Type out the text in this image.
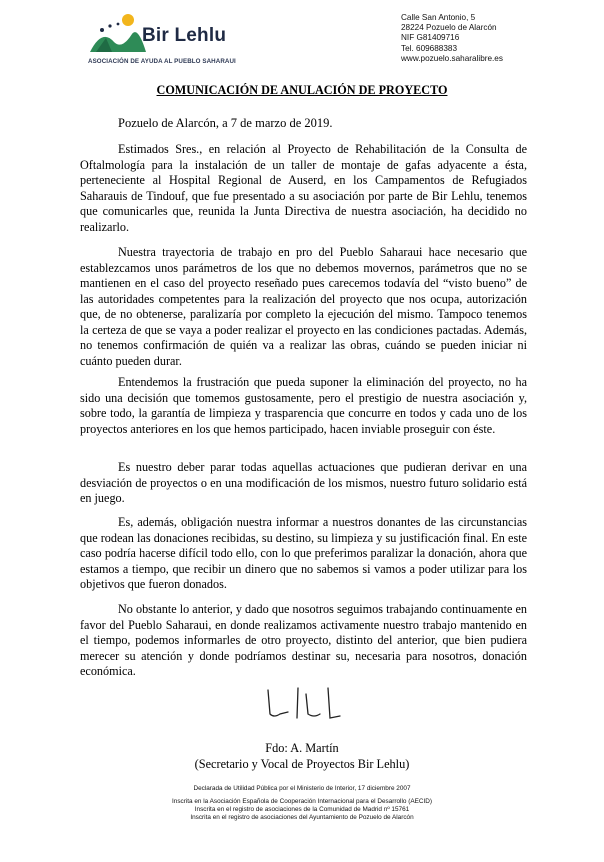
Bir Lehlu
ASOCIACIÓN DE AYUDA AL PUEBLO SAHARAUI
Calle San Antonio, 5
28224 Pozuelo de Alarcón
NIF G81409716
Tel. 609688383
www.pozuelo.saharalibre.es
COMUNICACIÓN DE ANULACIÓN DE PROYECTO
Pozuelo de Alarcón, a 7 de marzo de 2019.

Estimados Sres., en relación al Proyecto de Rehabilitación de la Consulta de Oftalmología para la instalación de un taller de montaje de gafas adyacente a ésta, perteneciente al Hospital Regional de Auserd, en los Campamentos de Refugiados Saharauis de Tindouf, que fue presentado a su asociación por parte de Bir Lehlu, tenemos que comunicarles que, reunida la Junta Directiva de nuestra asociación, ha decidido no realizarlo.

Nuestra trayectoria de trabajo en pro del Pueblo Saharaui hace necesario que establezcamos unos parámetros de los que no debemos movernos, parámetros que no se mantienen en el caso del proyecto reseñado pues carecemos todavía del “visto bueno” de las autoridades competentes para la realización del proyecto que nos ocupa, autorización que, de no obtenerse, paralizaría por completo la ejecución del mismo. Tampoco tenemos la certeza de que se vaya a poder realizar el proyecto en las condiciones pactadas. Además, no tenemos confirmación de quién va a realizar las obras, cuándo se pueden iniciar ni cuánto pueden durar.

Entendemos la frustración que pueda suponer la eliminación del proyecto, no ha sido una decisión que tomemos gustosamente, pero el prestigio de nuestra asociación y, sobre todo, la garantía de limpieza y trasparencia que concurre en todos y cada uno de los proyectos anteriores en los que hemos participado, hacen inviable proseguir con éste.

Es nuestro deber parar todas aquellas actuaciones que pudieran derivar en una desviación de proyectos o en una modificación de los mismos, nuestro futuro solidario está en juego.

Es, además, obligación nuestra informar a nuestros donantes de las circunstancias que rodean las donaciones recibidas, su destino, su limpieza y su justificación final. En este caso podría hacerse difícil todo ello, con lo que preferimos paralizar la donación, ahora que estamos a tiempo, que recibir un dinero que no sabemos si vamos a poder utilizar para los objetivos que fueron donados.

No obstante lo anterior, y dado que nosotros seguimos trabajando continuamente en favor del Pueblo Saharaui, en donde realizamos activamente nuestro trabajo mantenido en el tiempo, podemos informarles de otro proyecto, distinto del anterior, que bien pudiera merecer su atención y donde podríamos destinar su, necesaria para nosotros, donación económica.

Fdo: A. Martín
(Secretario y Vocal de Proyectos Bir Lehlu)
Declarada de Utilidad Pública por el Ministerio de Interior, 17 diciembre 2007
Inscrita en la Asociación Española de Cooperación Internacional para el Desarrollo (AECID)
Inscrita en el registro de asociaciones de la Comunidad de Madrid nº 15761
Inscrita en el registro de asociaciones del Ayuntamiento de Pozuelo de Alarcón
